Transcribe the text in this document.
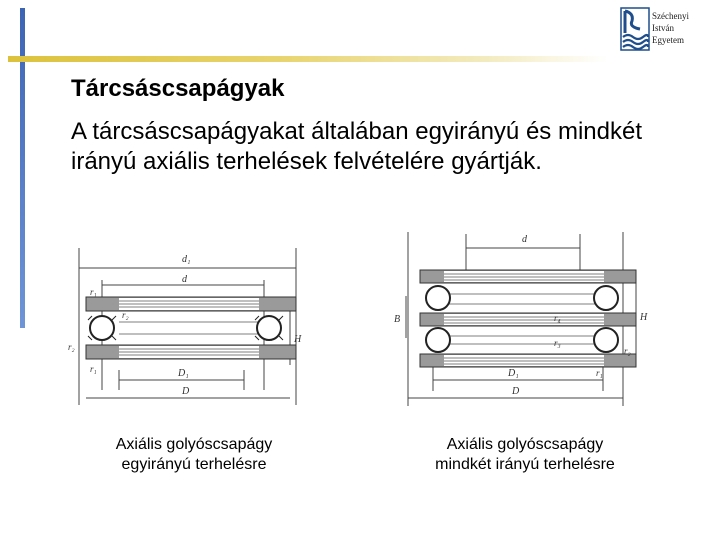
Széchenyi
István
Egyetem
Tárcsáscsapágyak
A tárcsáscsapágyakat általában egyirányú és mindkét irányú axiális terhelések felvételére gyártják.
d₁
d
r₁
r₂
r₂
r₁
H
D₁
D
d
B	r₄
r₃
H
r₂
D₁	r₁
D
Axiális golyóscsapágy
egyirányú terhelésre
Axiális golyóscsapágy
mindkét irányú terhelésre
